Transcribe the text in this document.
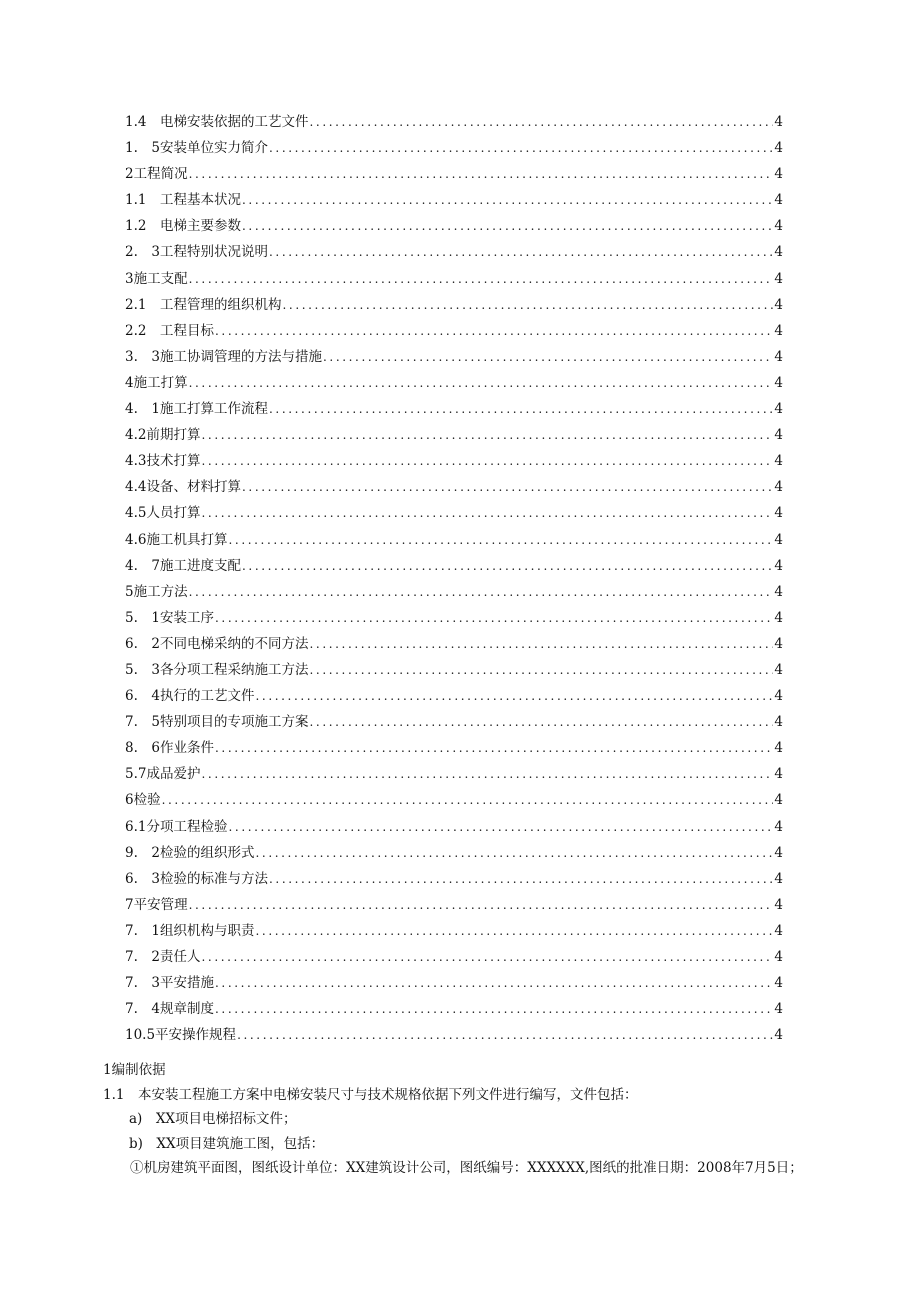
1.4　电梯安装依据的工艺文件 .....	4
1.　5安装单位实力简介 .....	4
2工程简况 .....	4
1.1　工程基本状况 .....	4
1.2　电梯主要参数 .....	4
2.　3工程特别状况说明 .....	4
3施工支配 .....	4
2.1　工程管理的组织机构 .....	4
2.2　工程目标 .....	4
3.　3施工协调管理的方法与措施 .....	4
4施工打算 .....	4
4.　1施工打算工作流程 .....	4
4.2前期打算 .....	4
4.3技术打算 .....	4
4.4设备、材料打算 .....	4
4.5人员打算 .....	4
4.6施工机具打算 .....	4
4.　7施工进度支配 .....	4
5施工方法 .....	4
5.　1安装工序 .....	4
6.　2不同电梯采纳的不同方法 .....	4
5.　3各分项工程采纳施工方法 .....	4
6.　4执行的工艺文件 .....	4
7.　5特别项目的专项施工方案 .....	4
8.　6作业条件 .....	4
5.7成品爱护 .....	4
6检验 .....	4
6.1分项工程检验 .....	4
9.　2检验的组织形式 .....	4
6.　3检验的标准与方法 .....	4
7平安管理 .....	4
7.　1组织机构与职责 .....	4
7.　2责任人 .....	4
7.　3平安措施 .....	4
7.　4规章制度 .....	4
10.5平安操作规程 .....	4

1编制依据

1.1　本安装工程施工方案中电梯安装尺寸与技术规格依据下列文件进行编写，文件包括：

a)　XX项目电梯招标文件；

b)　XX项目建筑施工图，包括：

①机房建筑平面图，图纸设计单位：XX建筑设计公司，图纸编号：XXXXXX,图纸的批准日期：2008年7月5日；
